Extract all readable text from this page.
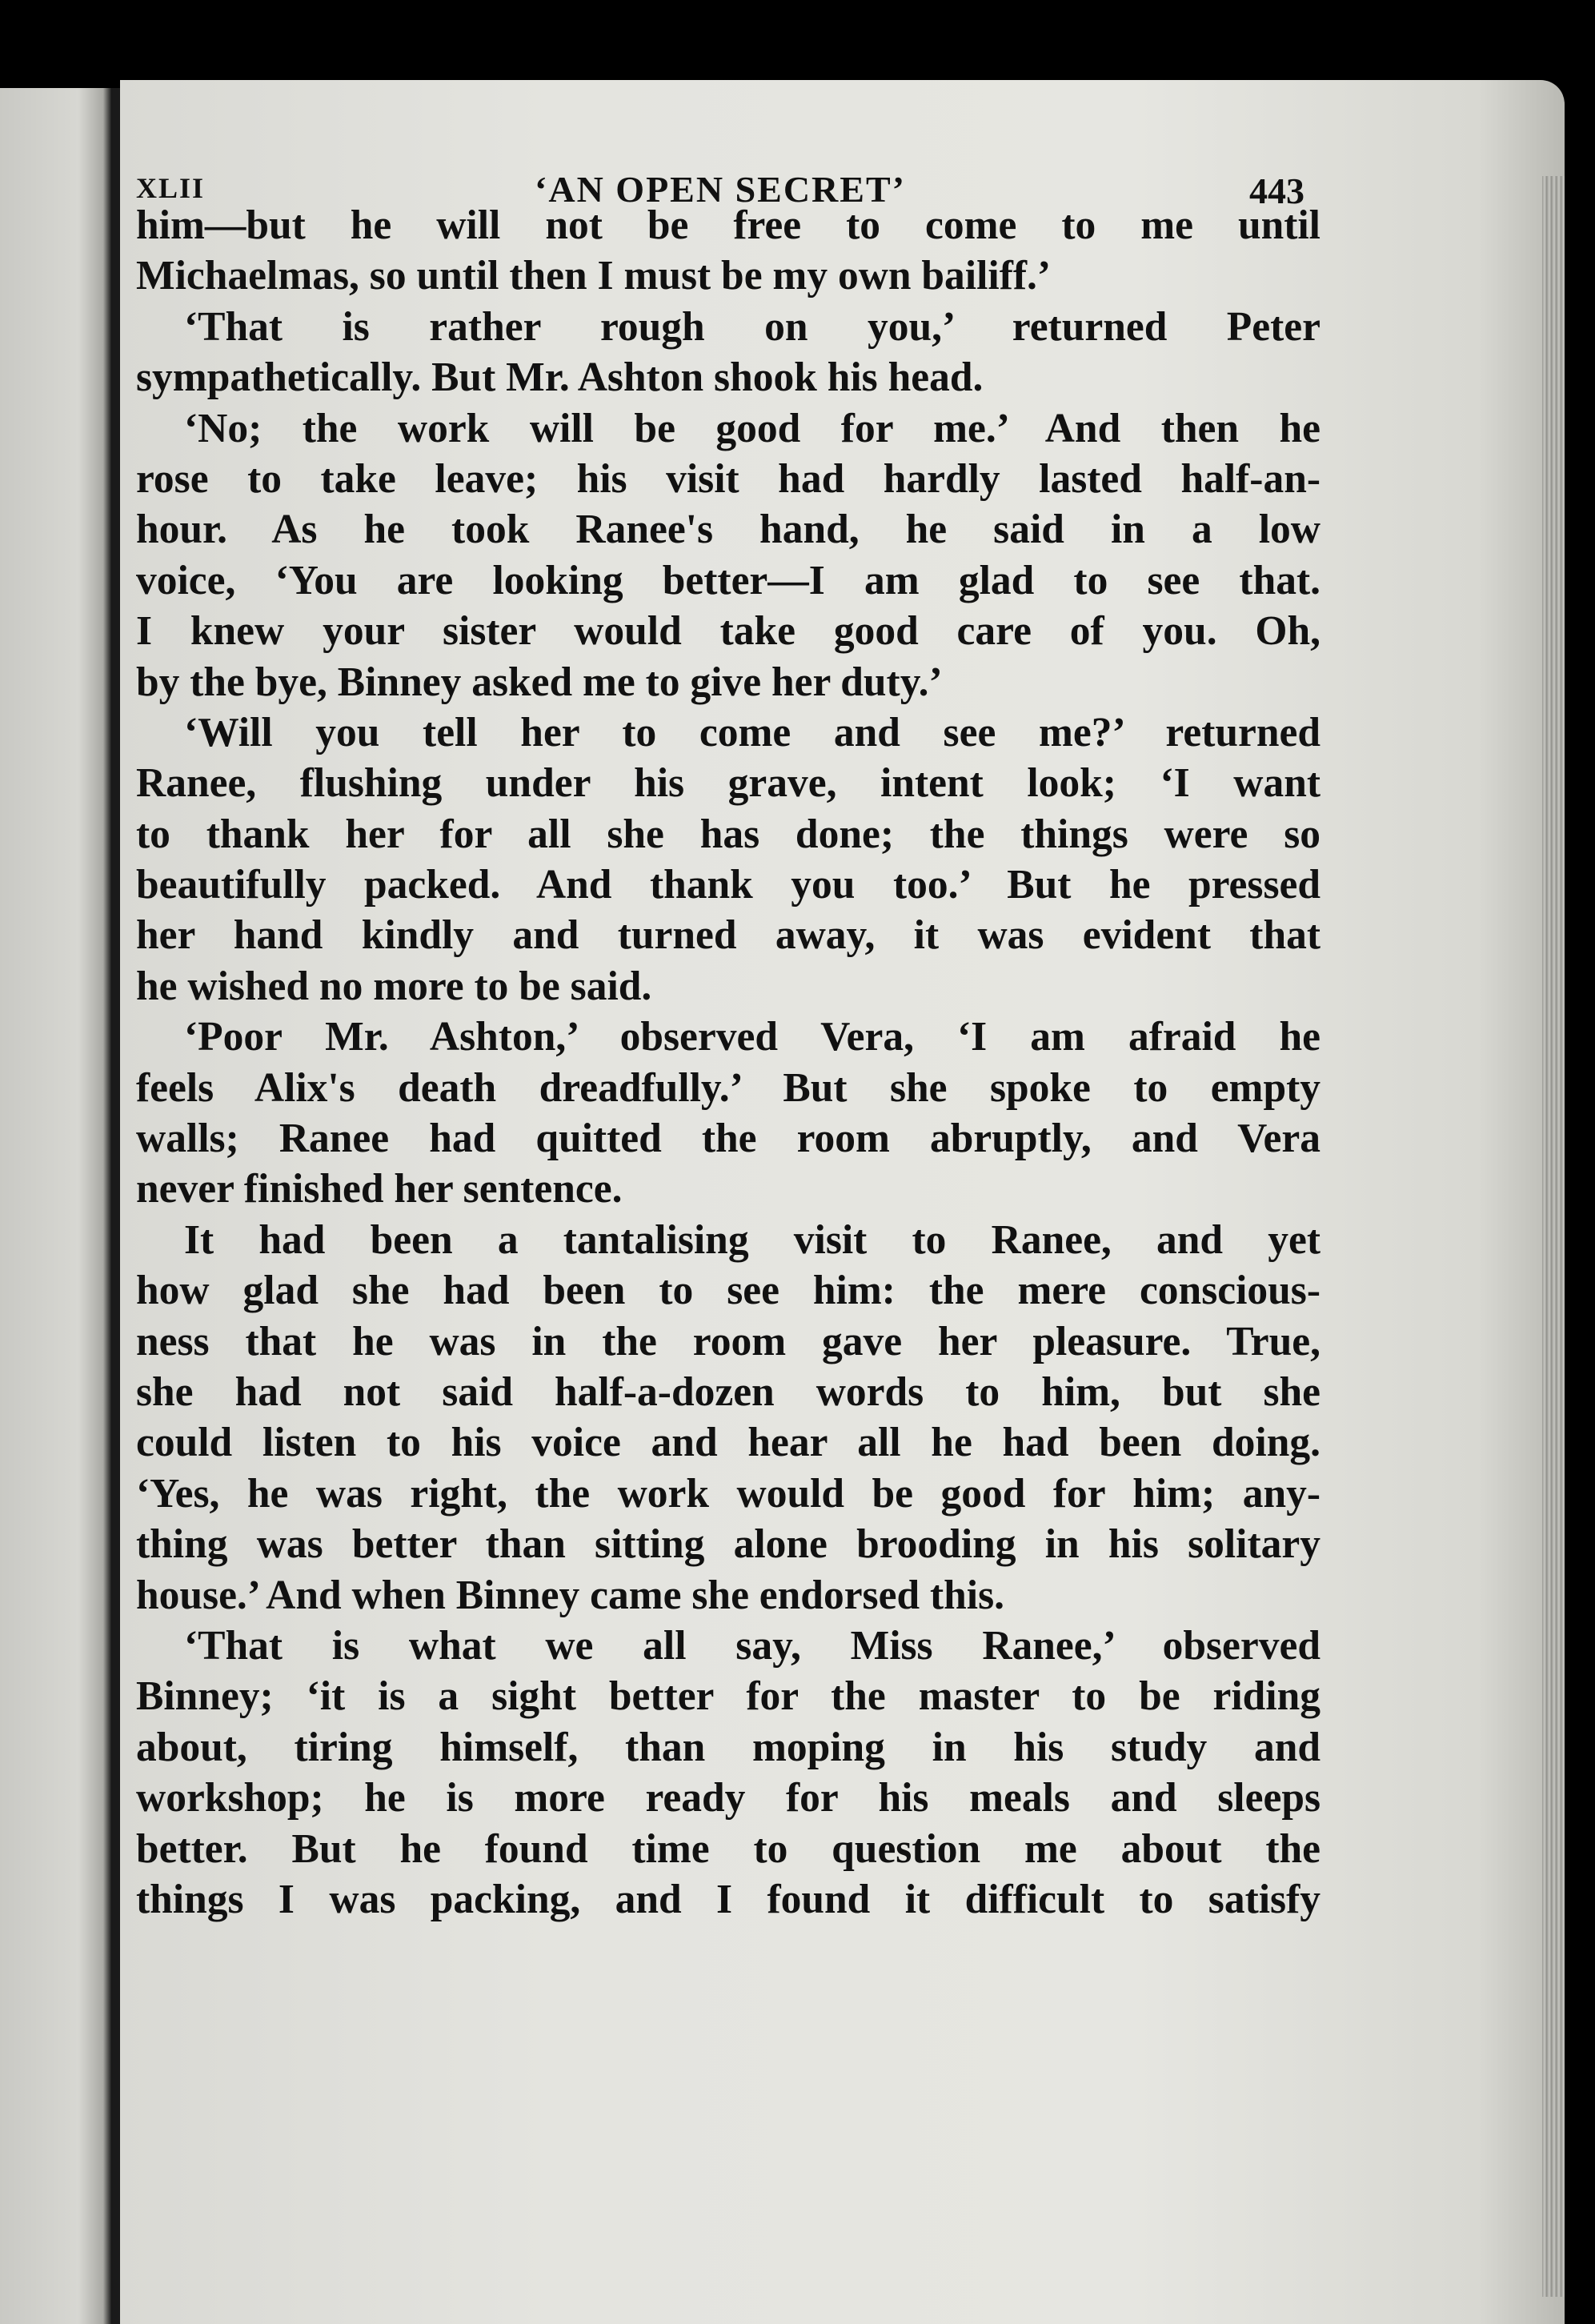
XLII	‘AN OPEN SECRET’	443
him—but he will not be free to come to me until
Michaelmas, so until then I must be my own bailiff.’
‘That is rather rough on you,’ returned Peter
sympathetically. But Mr. Ashton shook his head.
‘No; the work will be good for me.’ And then he
rose to take leave; his visit had hardly lasted half-an-
hour. As he took Ranee's hand, he said in a low
voice, ‘You are looking better—I am glad to see that.
I knew your sister would take good care of you. Oh,
by the bye, Binney asked me to give her duty.’
‘Will you tell her to come and see me?’ returned
Ranee, flushing under his grave, intent look; ‘I want
to thank her for all she has done; the things were so
beautifully packed. And thank you too.’ But he pressed
her hand kindly and turned away, it was evident that
he wished no more to be said.
‘Poor Mr. Ashton,’ observed Vera, ‘I am afraid he
feels Alix's death dreadfully.’ But she spoke to empty
walls; Ranee had quitted the room abruptly, and Vera
never finished her sentence.
It had been a tantalising visit to Ranee, and yet
how glad she had been to see him: the mere conscious-
ness that he was in the room gave her pleasure. True,
she had not said half-a-dozen words to him, but she
could listen to his voice and hear all he had been doing.
‘Yes, he was right, the work would be good for him; any-
thing was better than sitting alone brooding in his solitary
house.’ And when Binney came she endorsed this.
‘That is what we all say, Miss Ranee,’ observed
Binney; ‘it is a sight better for the master to be riding
about, tiring himself, than moping in his study and
workshop; he is more ready for his meals and sleeps
better. But he found time to question me about the
things I was packing, and I found it difficult to satisfy
